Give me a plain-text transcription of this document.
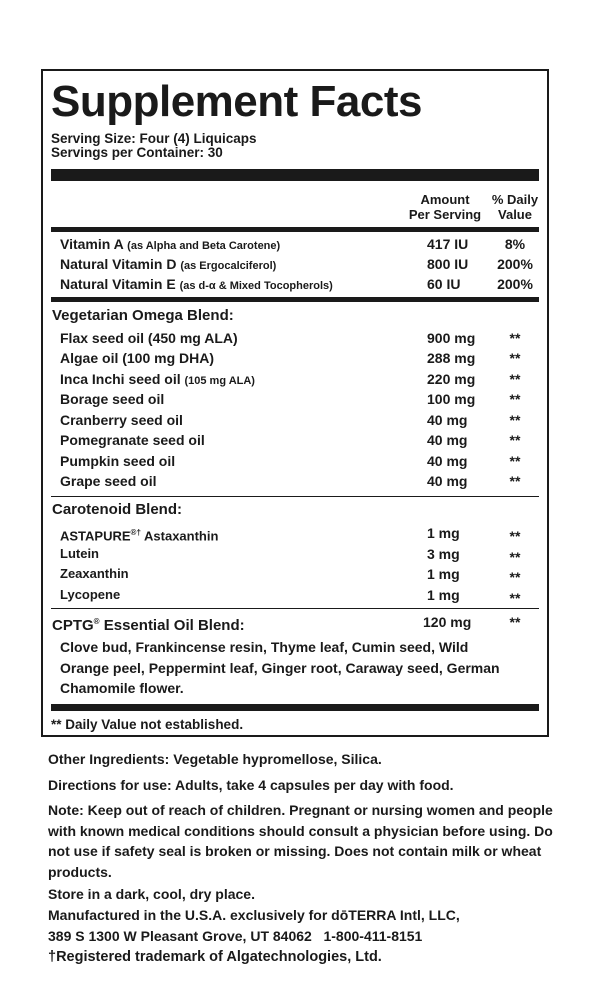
Supplement Facts
Serving Size: Four (4) Liquicaps
Servings per Container: 30
Amount
Per Serving
% Daily
Value
Vitamin A (as Alpha and Beta Carotene)	417 IU	8%
Natural Vitamin D (as Ergocalciferol)	800 IU	200%
Natural Vitamin E (as d-α & Mixed Tocopherols)	60 IU	200%
Vegetarian Omega Blend:
Flax seed oil (450 mg ALA)	900 mg	**
Algae oil (100 mg DHA)	288 mg	**
Inca Inchi seed oil (105 mg ALA)	220 mg	**
Borage seed oil	100 mg	**
Cranberry seed oil	40 mg	**
Pomegranate seed oil	40 mg	**
Pumpkin seed oil	40 mg	**
Grape seed oil	40 mg	**
Carotenoid Blend:
ASTAPURE®† Astaxanthin	1 mg	**
Lutein	3 mg	**
Zeaxanthin	1 mg	**
Lycopene	1 mg	**
CPTG® Essential Oil Blend:	120 mg	**

Clove bud, Frankincense resin, Thyme leaf, Cumin seed, Wild Orange peel, Peppermint leaf, Ginger root, Caraway seed, German Chamomile flower.

** Daily Value not established.

Other Ingredients: Vegetable hypromellose, Silica.

Directions for use: Adults, take 4 capsules per day with food.

Note: Keep out of reach of children. Pregnant or nursing women and people with known medical conditions should consult a physician before using. Do not use if safety seal is broken or missing. Does not contain milk or wheat products.

Store in a dark, cool, dry place.

Manufactured in the U.S.A. exclusively for dōTERRA Intl, LLC,

389 S 1300 W Pleasant Grove, UT 84062   1-800-411-8151

†Registered trademark of Algatechnologies, Ltd.
